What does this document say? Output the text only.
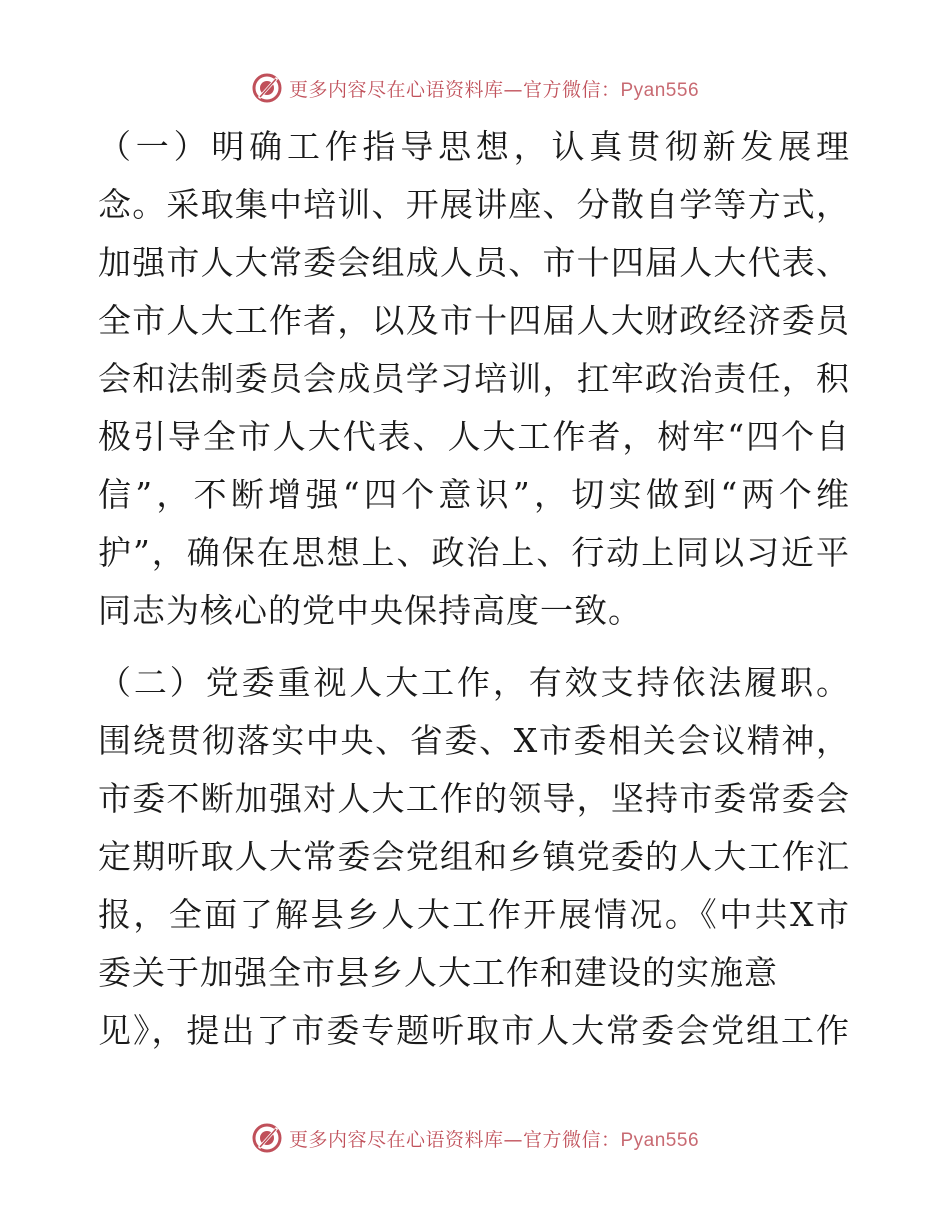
更多内容尽在心语资料库—官方微信：Pyan556
（一）明确工作指导思想，认真贯彻新发展理
念。采取集中培训、开展讲座、分散自学等方式，
加强市人大常委会组成人员、市十四届人大代表、
全市人大工作者，以及市十四届人大财政经济委员
会和法制委员会成员学习培训，扛牢政治责任，积
极引导全市人大代表、人大工作者，树牢“四个自
信”，不断增强“四个意识”，切实做到“两个维
护”，确保在思想上、政治上、行动上同以习近平
同志为核心的党中央保持高度一致。
（二）党委重视人大工作，有效支持依法履职。
围绕贯彻落实中央、省委、X市委相关会议精神，
市委不断加强对人大工作的领导，坚持市委常委会
定期听取人大常委会党组和乡镇党委的人大工作汇
报，全面了解县乡人大工作开展情况。《中共X市
委关于加强全市县乡人大工作和建设的实施意
见》，提出了市委专题听取市人大常委会党组工作
更多内容尽在心语资料库—官方微信：Pyan556
